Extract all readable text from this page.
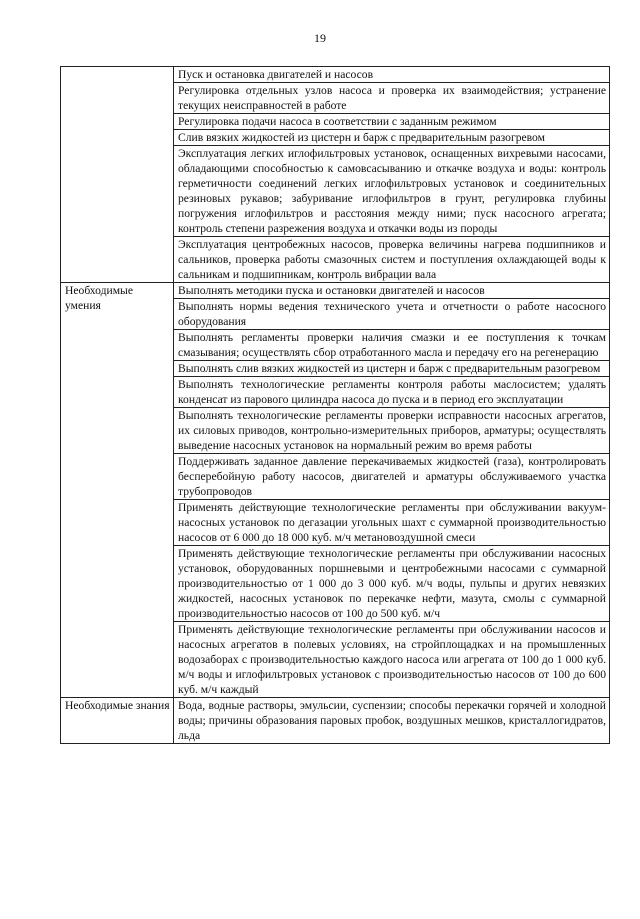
19
	Пуск и остановка двигателей и насосов
	Регулировка отдельных узлов насоса и проверка их взаимодействия; устранение текущих неисправностей в работе
	Регулировка подачи насоса в соответствии с заданным режимом
	Слив вязких жидкостей из цистерн и барж с предварительным разогревом
	Эксплуатация легких иглофильтровых установок, оснащенных вихревыми насосами, обладающими способностью к самовсасыванию и откачке воздуха и воды: контроль герметичности соединений легких иглофильтровых установок и соединительных резиновых рукавов; забуривание иглофильтров в грунт, регулировка глубины погружения иглофильтров и расстояния между ними; пуск насосного агрегата; контроль степени разрежения воздуха и откачки воды из породы
	Эксплуатация центробежных насосов, проверка величины нагрева подшипников и сальников, проверка работы смазочных систем и поступления охлаждающей воды к сальникам и подшипникам, контроль вибрации вала
Необходимые умения	Выполнять методики пуска и остановки двигателей и насосов
	Выполнять нормы ведения технического учета и отчетности о работе насосного оборудования
	Выполнять регламенты проверки наличия смазки и ее поступления к точкам смазывания; осуществлять сбор отработанного масла и передачу его на регенерацию
	Выполнять слив вязких жидкостей из цистерн и барж с предварительным разогревом
	Выполнять технологические регламенты контроля работы маслосистем; удалять конденсат из парового цилиндра насоса до пуска и в период его эксплуатации
	Выполнять технологические регламенты проверки исправности насосных агрегатов, их силовых приводов, контрольно-измерительных приборов, арматуры; осуществлять выведение насосных установок на нормальный режим во время работы
	Поддерживать заданное давление перекачиваемых жидкостей (газа), контролировать бесперебойную работу насосов, двигателей и арматуры обслуживаемого участка трубопроводов
	Применять действующие технологические регламенты при обслуживании вакуум-насосных установок по дегазации угольных шахт с суммарной производительностью насосов от 6 000 до 18 000 куб. м/ч метановоздушной смеси
	Применять действующие технологические регламенты при обслуживании насосных установок, оборудованных поршневыми и центробежными насосами с суммарной производительностью от 1 000 до 3 000 куб. м/ч воды, пульпы и других невязких жидкостей, насосных установок по перекачке нефти, мазута, смолы с суммарной производительностью насосов от 100 до 500 куб. м/ч
	Применять действующие технологические регламенты при обслуживании насосов и насосных агрегатов в полевых условиях, на стройплощадках и на промышленных водозаборах с производительностью каждого насоса или агрегата от 100 до 1 000 куб. м/ч воды и иглофильтровых установок с производительностью насосов от 100 до 600 куб. м/ч каждый
Необходимые знания	Вода, водные растворы, эмульсии, суспензии; способы перекачки горячей и холодной воды; причины образования паровых пробок, воздушных мешков, кристаллогидратов, льда
